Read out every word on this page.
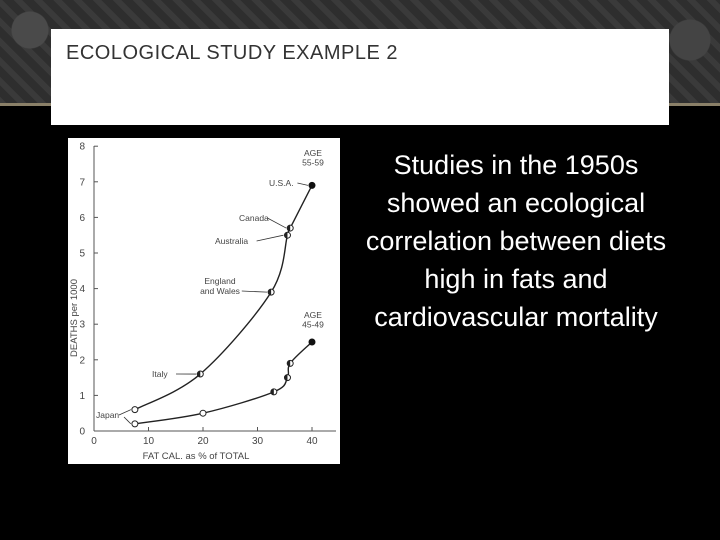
ECOLOGICAL STUDY EXAMPLE 2
0
1
2
3
4
5
6
7
8
0	10	20	30	40
AGE
55-59
AGE
45-49
Japan
Italy
England
and Wales
Australia
Canada
U.S.A.
DEATHS per 1000
FAT CAL. as % of TOTAL

Studies in the 1950s showed an ecological correlation between diets high in fats and cardiovascular mortality
